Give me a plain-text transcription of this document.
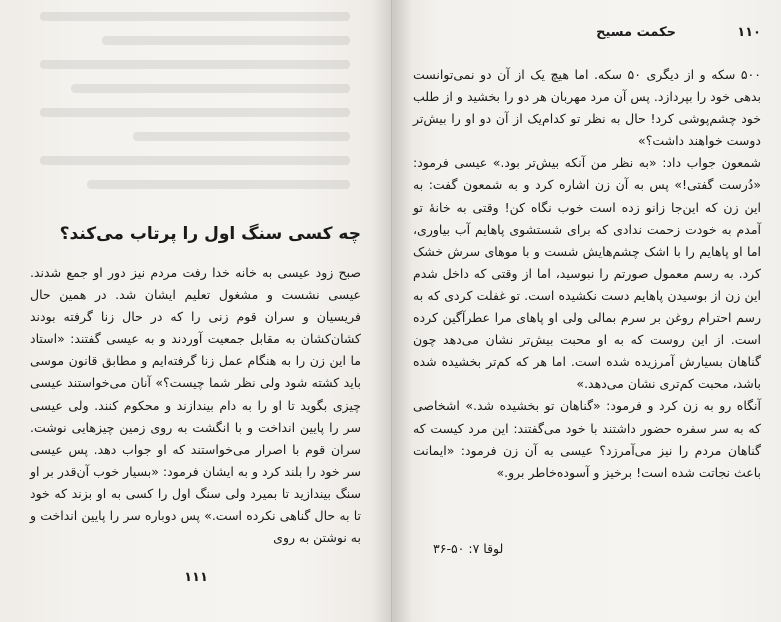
چه کسی سنگ اول را پرتاب می‌کند؟

صبح زود عیسی به خانه خدا رفت مردم نیز دور او جمع شدند. عیسی نشست و مشغول تعلیم ایشان شد. در همین حال فریسیان و سران قوم زنی را که در حال زنا گرفته بودند کشان‌کشان به مقابل جمعیت آوردند و به عیسی گفتند: «استاد ما این زن را به هنگام عمل زنا گرفته‌ایم و مطابق قانون موسی باید کشته شود ولی نظر شما چیست؟» آنان می‌خواستند عیسی چیزی بگوید تا او را به دام بیندازند و محکوم کنند. ولی عیسی سر را پایین انداخت و با انگشت به روی زمین چیزهایی نوشت. سران قوم با اصرار می‌خواستند که او جواب دهد. پس عیسی سر خود را بلند کرد و به ایشان فرمود: «بسیار خوب آن‌قدر بر او سنگ بیندازید تا بمیرد ولی سنگ اول را کسی به او بزند که خود تا به حال گناهی نکرده است.» پس دوباره سر را پایین انداخت و به نوشتن به روی

۱۱۱
۱۱۰
حکمت مسیح

۵۰۰ سکه و از دیگری ۵۰ سکه. اما هیچ یک از آن دو نمی‌توانست بدهی خود را بپردازد. پس آن مرد مهربان هر دو را بخشید و از طلب خود چشم‌پوشی کرد! حال به نظر تو کدام‌یک از آن دو او را بیش‌تر دوست خواهند داشت؟»

شمعون جواب داد: «به نظر من آنکه بیش‌تر بود.» عیسی فرمود: «دُرست گفتی!» پس به آن زن اشاره کرد و به شمعون گفت: به این زن که این‌جا زانو زده است خوب نگاه کن! وقتی به خانهٔ تو آمدم به خودت زحمت ندادی که برای شستشوی پاهایم آب بیاوری، اما او پاهایم را با اشک چشم‌هایش شست و با موهای سرش خشک کرد. به رسم معمول صورتم را نبوسید، اما از وقتی که داخل شدم این زن از بوسیدن پاهایم دست نکشیده است. تو غفلت کردی که به رسم احترام روغن بر سرم بمالی ولی او پاهای مرا عطرآگین کرده است. از این روست که به او محبت بیش‌تر نشان می‌دهد چون گناهان بسیارش آمرزیده شده است. اما هر که کم‌تر بخشیده شده باشد، محبت کم‌تری نشان می‌دهد.»

آنگاه رو به زن کرد و فرمود: «گناهان تو بخشیده شد.» اشخاصی که به سر سفره حضور داشتند با خود می‌گفتند: این مرد کیست که گناهان مردم را نیز می‌آمرزد؟ عیسی به آن زن فرمود: «ایمانت باعث نجاتت شده است! برخیز و آسوده‌خاطر برو.»

لوقا ۷: ۵۰-۳۶
